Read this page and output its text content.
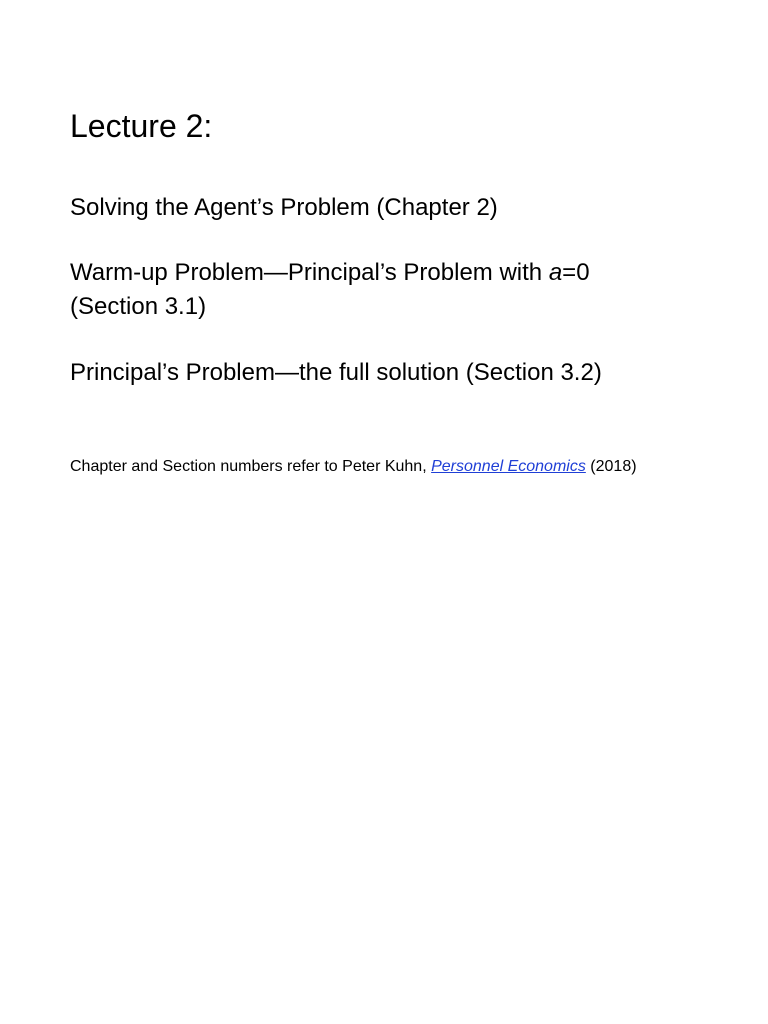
Lecture 2:

Solving the Agent’s Problem (Chapter 2)

Warm-up Problem—Principal’s Problem with a=0
(Section 3.1)

Principal’s Problem—the full solution (Section 3.2)

Chapter and Section numbers refer to Peter Kuhn, Personnel Economics (2018)
